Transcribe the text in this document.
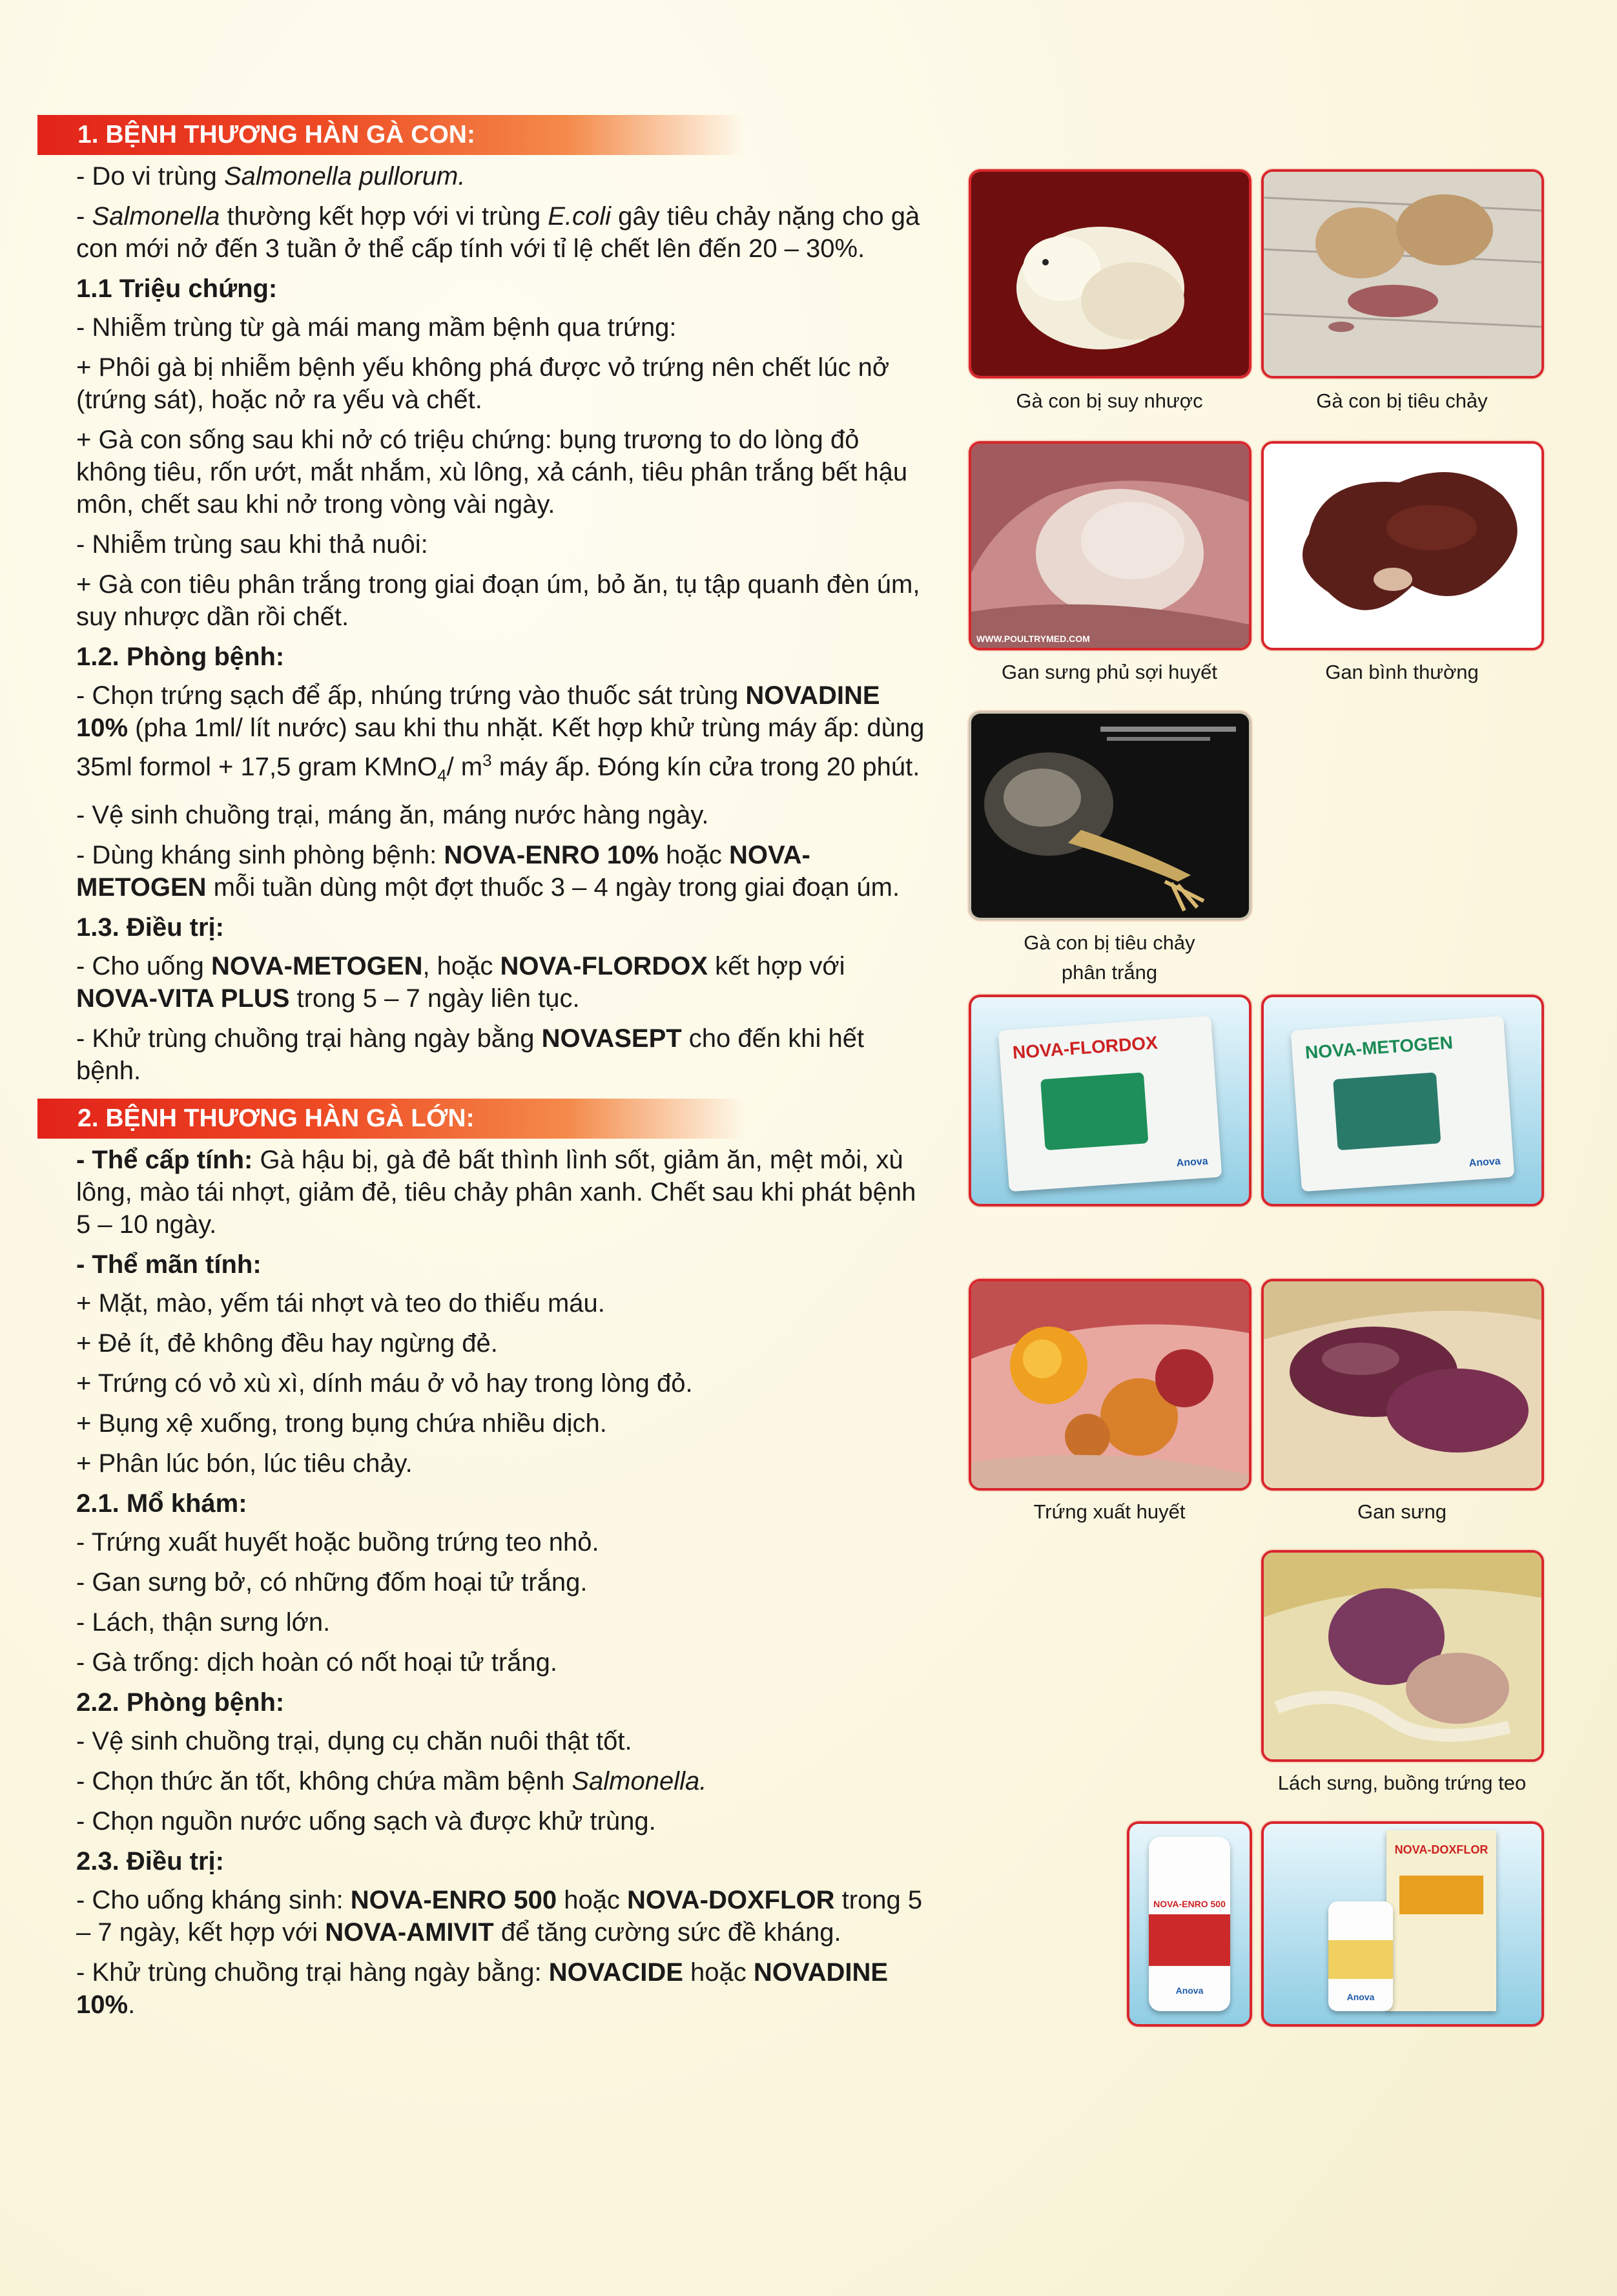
1. BỆNH THƯƠNG HÀN GÀ CON:
- Do vi trùng Salmonella pullorum.
- Salmonella thường kết hợp với vi trùng E.coli gây tiêu chảy nặng cho gà con mới nở đến 3 tuần ở thể cấp tính với tỉ lệ chết lên đến 20 – 30%.
1.1 Triệu chứng:
- Nhiễm trùng từ gà mái mang mầm bệnh qua trứng:
+ Phôi gà bị nhiễm bệnh yếu không phá được vỏ trứng nên chết lúc nở (trứng sát), hoặc nở ra yếu và chết.
+ Gà con sống sau khi nở có triệu chứng: bụng trương to do lòng đỏ không tiêu, rốn ướt, mắt nhắm, xù lông, xả cánh, tiêu phân trắng bết hậu môn, chết sau khi nở trong vòng vài ngày.
- Nhiễm trùng sau khi thả nuôi:
+ Gà con tiêu phân trắng trong giai đoạn úm, bỏ ăn, tụ tập quanh đèn úm, suy nhược dần rồi chết.
1.2. Phòng bệnh:
- Chọn trứng sạch để ấp, nhúng trứng vào thuốc sát trùng NOVADINE 10% (pha 1ml/ lít nước) sau khi thu nhặt. Kết hợp khử trùng máy ấp: dùng 35ml formol + 17,5 gram KMnO$_4$/ $m^3$ máy ấp. Đóng kín cửa trong 20 phút.
- Vệ sinh chuồng trại, máng ăn, máng nước hàng ngày.
- Dùng kháng sinh phòng bệnh: NOVA-ENRO 10% hoặc NOVA-METOGEN mỗi tuần dùng một đợt thuốc 3 – 4 ngày trong giai đoạn úm.
1.3. Điều trị:
- Cho uống NOVA-METOGEN, hoặc NOVA-FLORDOX kết hợp với NOVA-VITA PLUS trong 5 – 7 ngày liên tục.
- Khử trùng chuồng trại hàng ngày bằng NOVASEPT cho đến khi hết bệnh.
2. BỆNH THƯƠNG HÀN GÀ LỚN:
- Thể cấp tính: Gà hậu bị, gà đẻ bất thình lình sốt, giảm ăn, mệt mỏi, xù lông, mào tái nhợt, giảm đẻ, tiêu chảy phân xanh. Chết sau khi phát bệnh 5 – 10 ngày.
- Thể mãn tính:
+ Mặt, mào, yếm tái nhợt và teo do thiếu máu.
+ Đẻ ít, đẻ không đều hay ngừng đẻ.
+ Trứng có vỏ xù xì, dính máu ở vỏ hay trong lòng đỏ.
+ Bụng xệ xuống, trong bụng chứa nhiều dịch.
+ Phân lúc bón, lúc tiêu chảy.
2.1. Mổ khám:
- Trứng xuất huyết hoặc buồng trứng teo nhỏ.
- Gan sưng bở, có những đốm hoại tử trắng.
- Lách, thận sưng lớn.
- Gà trống: dịch hoàn có nốt hoại tử trắng.
2.2. Phòng bệnh:
- Vệ sinh chuồng trại, dụng cụ chăn nuôi thật tốt.
- Chọn thức ăn tốt, không chứa mầm bệnh Salmonella.
- Chọn nguồn nước uống sạch và được khử trùng.
2.3. Điều trị:
- Cho uống kháng sinh: NOVA-ENRO 500 hoặc NOVA-DOXFLOR trong 5 – 7 ngày, kết hợp với NOVA-AMIVIT để tăng cường sức đề kháng.
- Khử trùng chuồng trại hàng ngày bằng: NOVACIDE hoặc NOVADINE 10%.
Gà con bị suy nhược	Gà con bị tiêu chảy
WWW.POULTRYMED.COM
Gan sưng phủ sợi huyết	Gan bình thường
Gà con bị tiêu chảy
phân trắng
NOVA-FLORDOX
Anova
NOVA-METOGEN
Anova
Trứng xuất huyết	Gan sưng
Lách sưng, buồng trứng teo
NOVA-ENRO 500
Anova
NOVA-DOXFLOR
Anova
